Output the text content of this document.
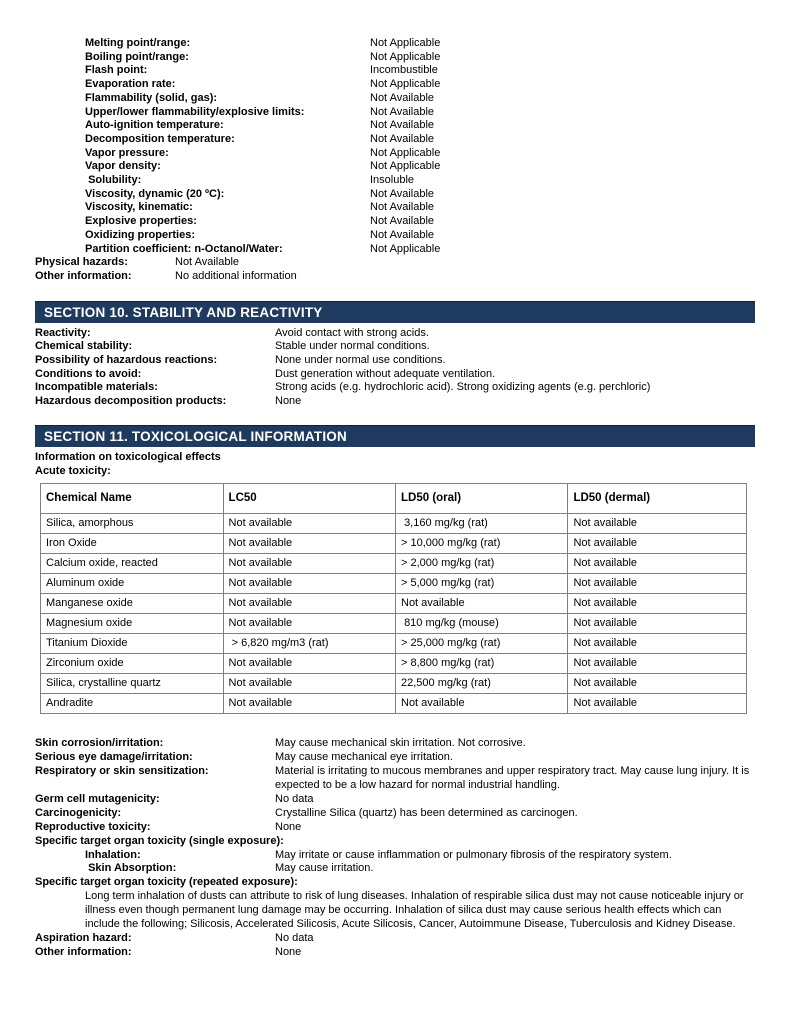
Melting point/range:	Not Applicable
Boiling point/range:	Not Applicable
Flash point:	Incombustible
Evaporation rate:	Not Applicable
Flammability (solid, gas):	Not Available
Upper/lower flammability/explosive limits:	Not Available
Auto-ignition temperature:	Not Available
Decomposition temperature:	Not Available
Vapor pressure:	Not Applicable
Vapor density:	Not Applicable
Solubility:	Insoluble
Viscosity, dynamic (20 ºC):	Not Available
Viscosity, kinematic:	Not Available
Explosive properties:	Not Available
Oxidizing properties:	Not Available
Partition coefficient: n-Octanol/Water:	Not Applicable
Physical hazards:	Not Available
Other information:	No additional information
SECTION 10. STABILITY AND REACTIVITY
Reactivity:	Avoid contact with strong acids.
Chemical stability:	Stable under normal conditions.
Possibility of hazardous reactions:	None under normal use conditions.
Conditions to avoid:	Dust generation without adequate ventilation.
Incompatible materials:	Strong acids (e.g. hydrochloric acid). Strong oxidizing agents (e.g. perchloric)
Hazardous decomposition products:	None
SECTION 11. TOXICOLOGICAL INFORMATION
Information on toxicological effects
Acute toxicity:
Chemical Name	LC50	LD50 (oral)	LD50 (dermal)
Silica, amorphous	Not available	3,160 mg/kg (rat)	Not available
Iron Oxide	Not available	> 10,000 mg/kg (rat)	Not available
Calcium oxide, reacted	Not available	> 2,000 mg/kg (rat)	Not available
Aluminum oxide	Not available	> 5,000 mg/kg (rat)	Not available
Manganese oxide	Not available	Not available	Not available
Magnesium oxide	Not available	810 mg/kg (mouse)	Not available
Titanium Dioxide	> 6,820 mg/m3 (rat)	> 25,000 mg/kg (rat)	Not available
Zirconium oxide	Not available	> 8,800 mg/kg (rat)	Not available
Silica, crystalline quartz	Not available	22,500 mg/kg (rat)	Not available
Andradite	Not available	Not available	Not available
Skin corrosion/irritation:	May cause mechanical skin irritation. Not corrosive.
Serious eye damage/irritation:	May cause mechanical eye irritation.
Respiratory or skin sensitization:	Material is irritating to mucous membranes and upper respiratory tract. May cause lung injury. It is expected to be a low hazard for normal industrial handling.
Germ cell mutagenicity:	No data
Carcinogenicity:	Crystalline Silica (quartz) has been determined as carcinogen.
Reproductive toxicity:	None
Specific target organ toxicity (single exposure):
Inhalation:	May irritate or cause inflammation or pulmonary fibrosis of the respiratory system.
Skin Absorption:	May cause irritation.
Specific target organ toxicity (repeated exposure):
Long term inhalation of dusts can attribute to risk of lung diseases. Inhalation of respirable silica dust may not cause noticeable injury or illness even though permanent lung damage may be occurring. Inhalation of silica dust may cause serious health effects which can include the following; Silicosis, Accelerated Silicosis, Acute Silicosis, Cancer, Autoimmune Disease, Tuberculosis and Kidney Disease.
Aspiration hazard:	No data
Other information:	None
